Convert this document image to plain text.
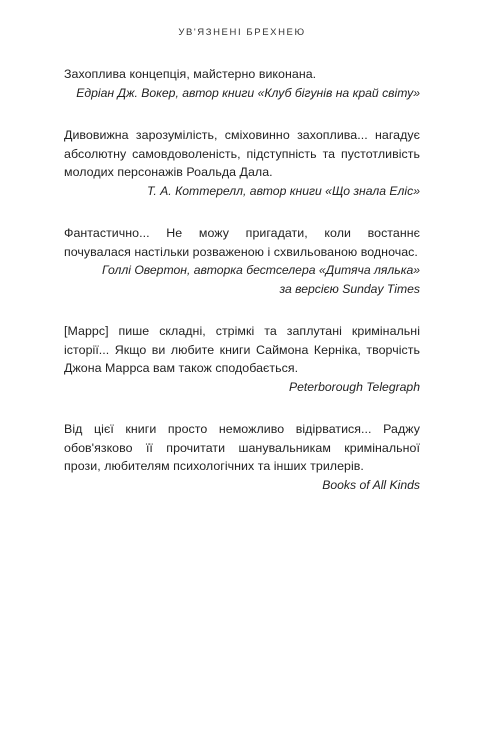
УВ'ЯЗНЕНІ БРЕХНЕЮ

Захоплива концепція, майстерно виконана.

Едріан Дж. Вокер, автор книги «Клуб бігунів на край світу»

Дивовижна зарозумілість, сміховинно захоплива... нагадує абсолютну самовдоволеність, підступність та пустотливість молодих персонажів Роальда Дала.

Т. А. Коттерелл, автор книги «Що знала Еліс»

Фантастично... Не можу пригадати, коли востаннє почувалася настільки розваженою і схвильованою водночас.

Голлі Овертон, авторка бестселера «Дитяча лялька»
за версією Sunday Times

[Маррс] пише складні, стрімкі та заплутані кримінальні історії... Якщо ви любите книги Саймона Керніка, творчість Джона Маррса вам також сподобається.

Peterborough Telegraph

Від цієї книги просто неможливо відірватися... Раджу обов'язково її прочитати шанувальникам кримінальної прози, любителям психологічних та інших трилерів.

Books of All Kinds
